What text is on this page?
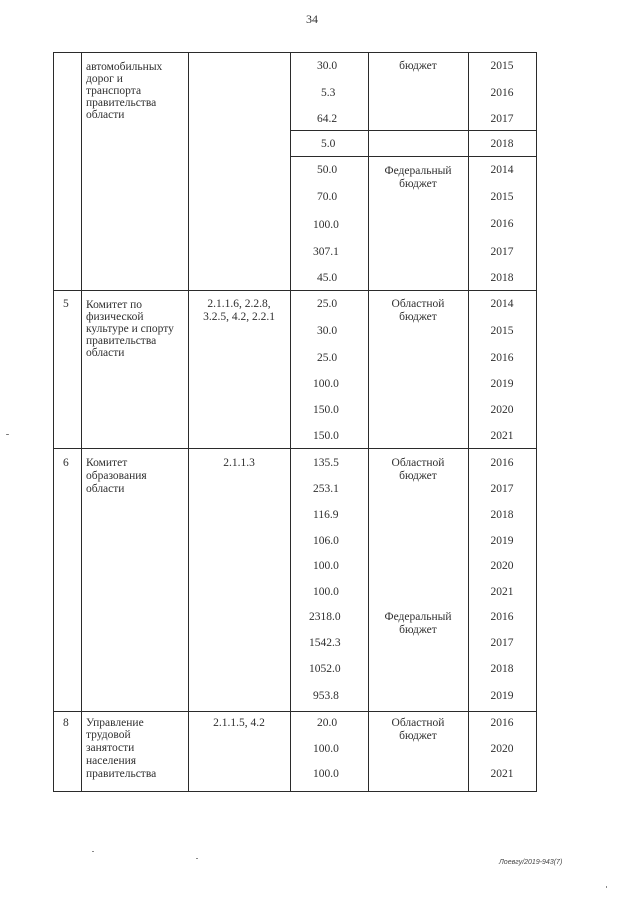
34
автомобильных
дорог и
транспорта
правительства
области
30.0
5.3
64.2
5.0
50.0
70.0
100.0
307.1
45.0
бюджет
Федеральный
бюджет
2015
2016
2017
2018
2014
2015
2016
2017
2018
5 Комитет по
физической
культуре и спорту
правительства
области
2.1.1.6, 2.2.8,
3.2.5, 4.2, 2.2.1
25.0
30.0
25.0
100.0
150.0
150.0
Областной
бюджет
2014
2015
2016
2019
2020
2021
6 Комитет
образования
области
2.1.1.3	135.5
253.1
116.9
106.0
100.0
100.0
2318.0
1542.3
1052.0
953.8
Областной
бюджет
Федеральный
бюджет
2016
2017
2018
2019
2020
2021
2016
2017
2018
2019
8 Управление
трудовой
занятости
населения
правительства
2.1.1.5, 4.2	20.0
100.0
100.0
Областной
бюджет
2016
2020
2021
Лоевгу/2019-943(7)
